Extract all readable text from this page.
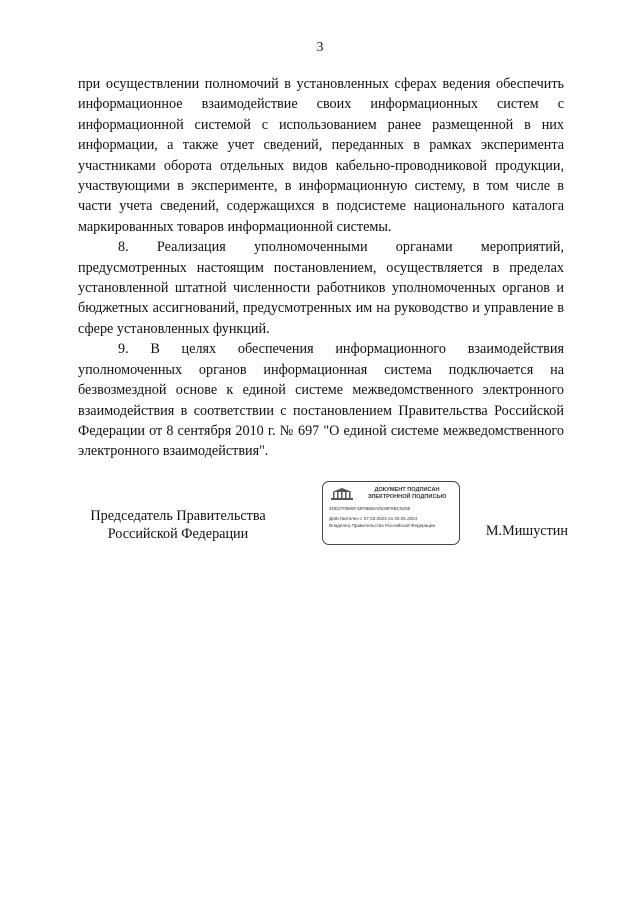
3

при осуществлении полномочий в установленных сферах ведения обеспечить информационное взаимодействие своих информационных систем с информационной системой с использованием ранее размещенной в них информации, а также учет сведений, переданных в рамках эксперимента участниками оборота отдельных видов кабельно-проводниковой продукции, участвующими в эксперименте, в информационную систему, в том числе в части учета сведений, содержащихся в подсистеме национального каталога маркированных товаров информационной системы.

8. Реализация уполномоченными органами мероприятий, предусмотренных настоящим постановлением, осуществляется в пределах установленной штатной численности работников уполномоченных органов и бюджетных ассигнований, предусмотренных им на руководство и управление в сфере установленных функций.

9. В целях обеспечения информационного взаимодействия уполномоченных органов информационная система подключается на безвозмездной основе к единой системе межведомственного электронного взаимодействия в соответствии с постановлением Правительства Российской Федерации от 8 сентября 2010 г. № 697 "О единой системе межведомственного электронного взаимодействия".

Председатель Правительства
Российской Федерации
ДОКУМЕНТ ПОДПИСАН
ЭЛЕКТРОННОЙ ПОДПИСЬЮ
4DD270986F33F8B56A0039F8BC5035
Действителен с 07.03.2023 по 30.05.2024
Владелец Правительство Российской Федерации	М.Мишустин
